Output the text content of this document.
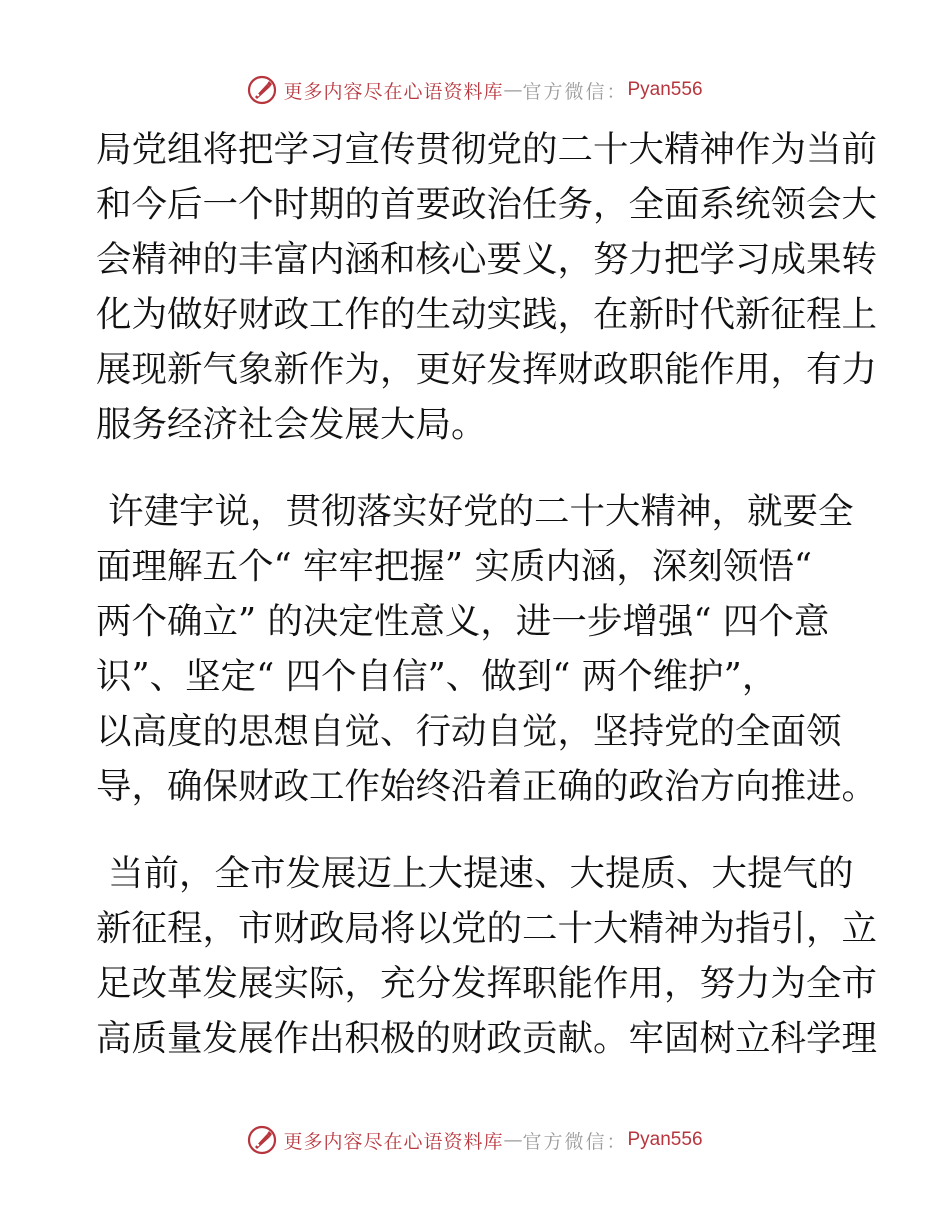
更多内容尽在心语资料库 — 官方微信： Pyan556
局党组将把学习宣传贯彻党的二十大精神作为当前
和今后一个时期的首要政治任务，全面系统领会大
会精神的丰富内涵和核心要义，努力把学习成果转
化为做好财政工作的生动实践，在新时代新征程上
展现新气象新作为，更好发挥财政职能作用，有力
服务经济社会发展大局。
许建宇说，贯彻落实好党的二十大精神，就要全
面理解五个“ 牢牢把握” 实质内涵，深刻领悟“
两个确立” 的决定性意义，进一步增强“ 四个意
识”、坚定“ 四个自信”、做到“ 两个维护”，
以高度的思想自觉、行动自觉，坚持党的全面领
导，确保财政工作始终沿着正确的政治方向推进。
当前，全市发展迈上大提速、大提质、大提气的
新征程，市财政局将以党的二十大精神为指引，立
足改革发展实际，充分发挥职能作用，努力为全市
高质量发展作出积极的财政贡献。牢固树立科学理
更多内容尽在心语资料库 — 官方微信： Pyan556
